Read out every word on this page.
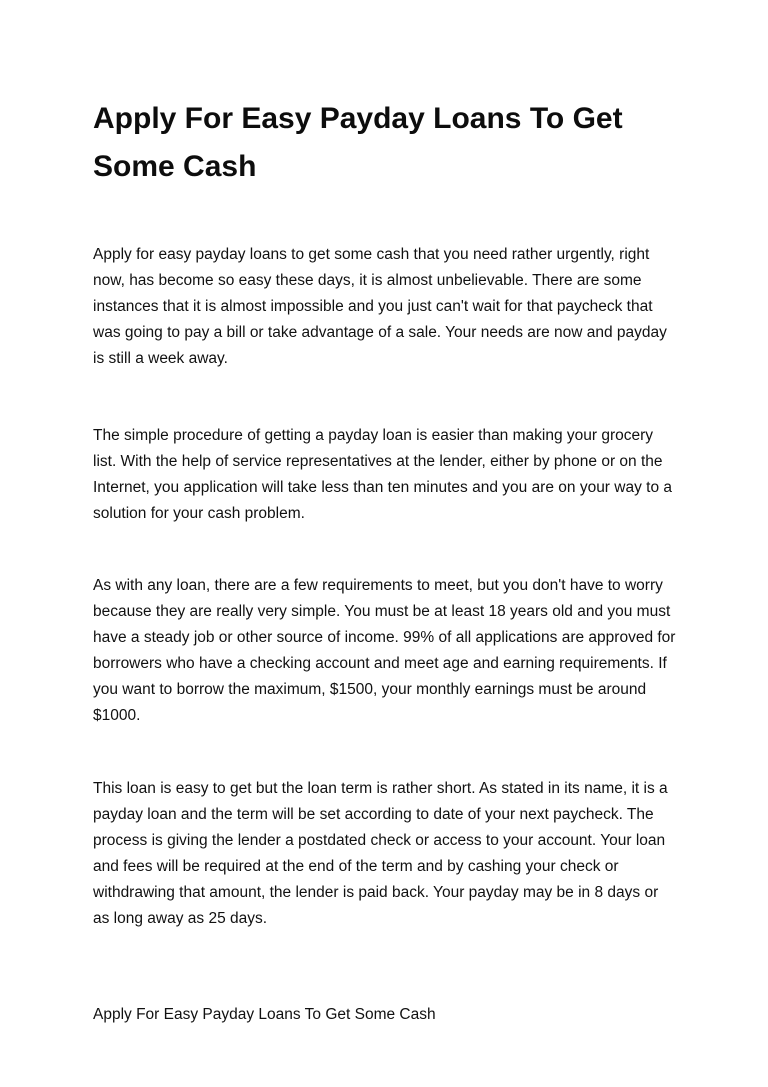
Apply For Easy Payday Loans To Get Some Cash

Apply for easy payday loans to get some cash that you need rather urgently, right now, has become so easy these days, it is almost unbelievable. There are some instances that it is almost impossible and you just can't wait for that paycheck that was going to pay a bill or take advantage of a sale. Your needs are now and payday is still a week away.

The simple procedure of getting a payday loan is easier than making your grocery list. With the help of service representatives at the lender, either by phone or on the Internet, you application will take less than ten minutes and you are on your way to a solution for your cash problem.

As with any loan, there are a few requirements to meet, but you don't have to worry because they are really very simple. You must be at least 18 years old and you must have a steady job or other source of income. 99% of all applications are approved for borrowers who have a checking account and meet age and earning requirements. If you want to borrow the maximum, $1500, your monthly earnings must be around $1000.

This loan is easy to get but the loan term is rather short. As stated in its name, it is a payday loan and the term will be set according to date of your next paycheck. The process is giving the lender a postdated check or access to your account. Your loan and fees will be required at the end of the term and by cashing your check or withdrawing that amount, the lender is paid back. Your payday may be in 8 days or as long away as 25 days.

Apply For Easy Payday Loans To Get Some Cash
